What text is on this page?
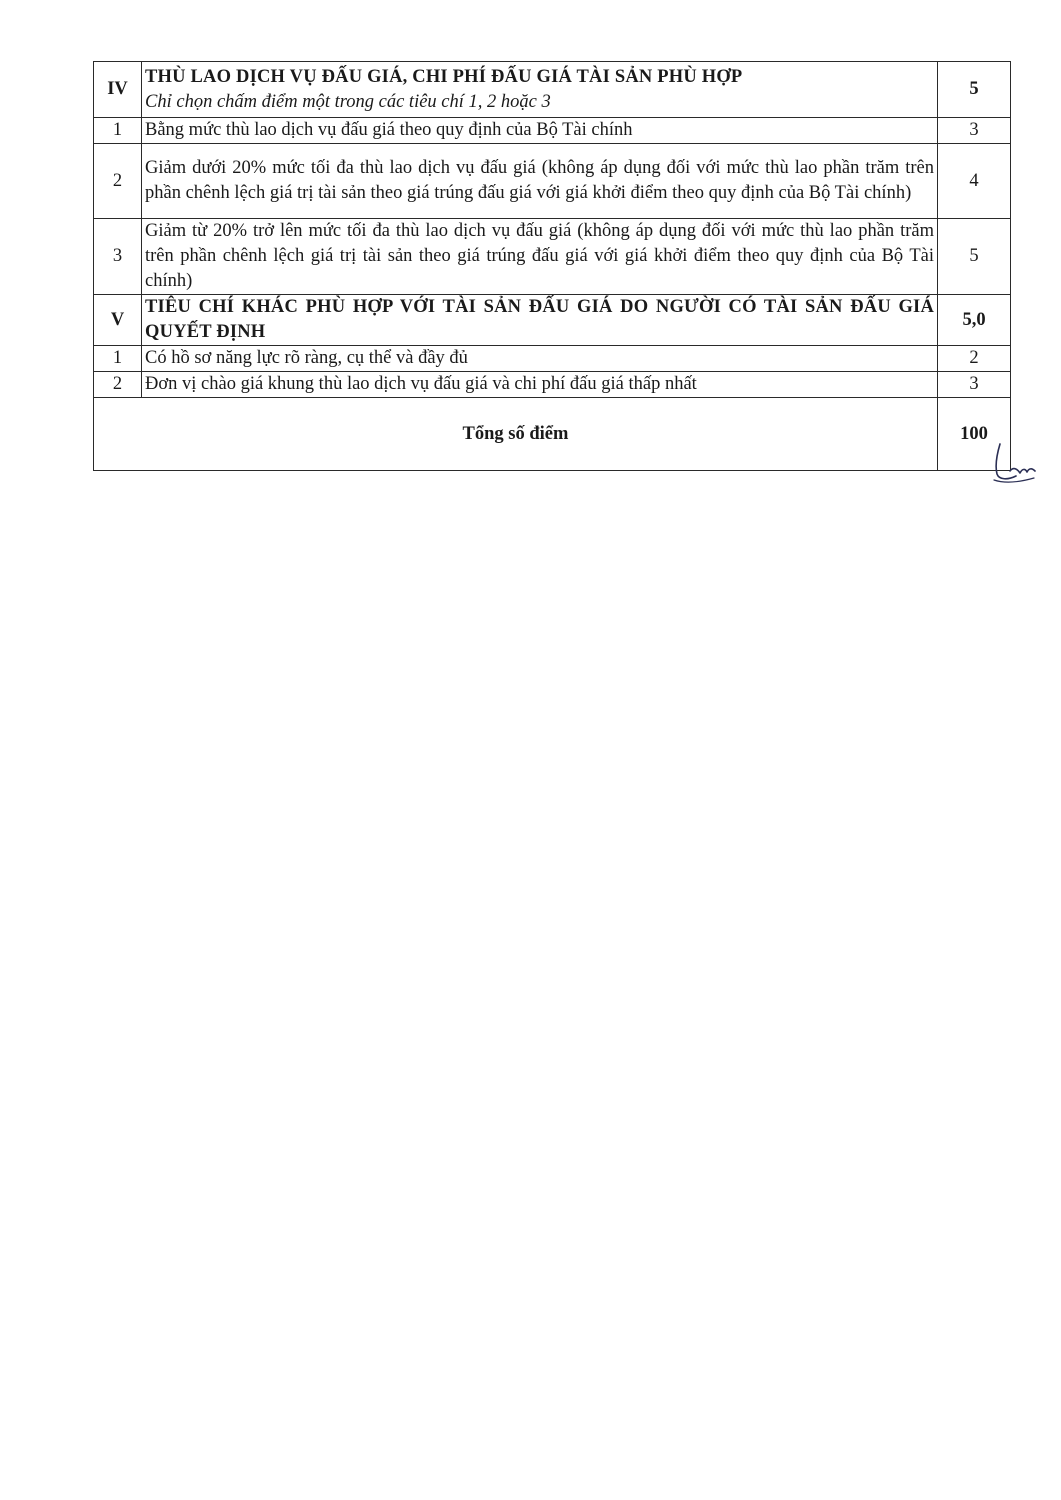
IV	THÙ LAO DỊCH VỤ ĐẤU GIÁ, CHI PHÍ ĐẤU GIÁ TÀI SẢN PHÙ HỢP
Chỉ chọn chấm điểm một trong các tiêu chí 1, 2 hoặc 3	5
1	Bằng mức thù lao dịch vụ đấu giá theo quy định của Bộ Tài chính	3
2	Giảm dưới 20% mức tối đa thù lao dịch vụ đấu giá (không áp dụng đối với mức thù lao phần trăm trên phần chênh lệch giá trị tài sản theo giá trúng đấu giá với giá khởi điểm theo quy định của Bộ Tài chính)	4
3	Giảm từ 20% trở lên mức tối đa thù lao dịch vụ đấu giá (không áp dụng đối với mức thù lao phần trăm trên phần chênh lệch giá trị tài sản theo giá trúng đấu giá với giá khởi điểm theo quy định của Bộ Tài chính)	5
V	TIÊU CHÍ KHÁC PHÙ HỢP VỚI TÀI SẢN ĐẤU GIÁ DO NGƯỜI CÓ TÀI SẢN ĐẤU GIÁ QUYẾT ĐỊNH	5,0
1	Có hồ sơ năng lực rõ ràng, cụ thể và đầy đủ	2
2	Đơn vị chào giá khung thù lao dịch vụ đấu giá và chi phí đấu giá thấp nhất	3
Tổng số điểm		100
